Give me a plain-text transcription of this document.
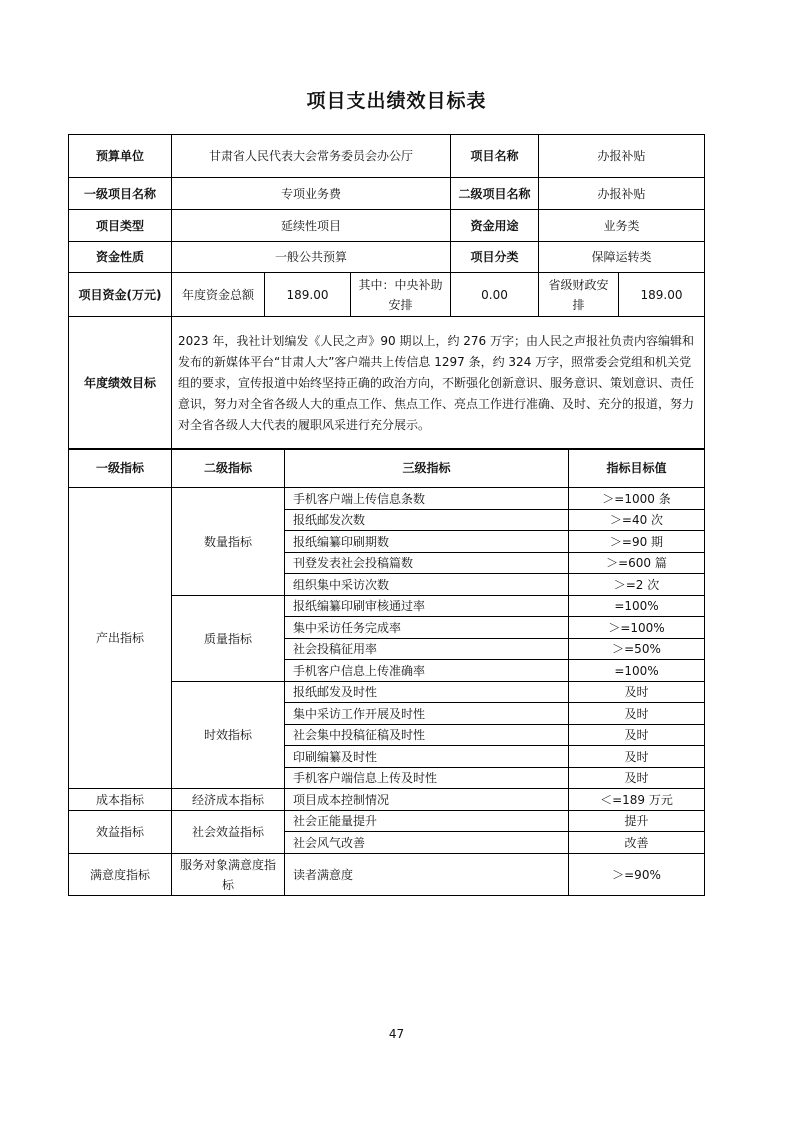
项目支出绩效目标表
预算单位	甘肃省人民代表大会常务委员会办公厅			项目名称	办报补贴	
一级项目名称	专项业务费			二级项目名称	办报补贴	
项目类型	延续性项目			资金用途	业务类	
资金性质	一般公共预算			项目分类	保障运转类	
项目资金(万元)	年度资金总额	189.00	其中：中央补助安排	0.00	省级财政安排	189.00
年度绩效目标	2023 年，我社计划编发《人民之声》90 期以上，约 276 万字；由人民之声报社负责内容编辑和发布的新媒体平台“甘肃人大”客户端共上传信息 1297 条，约 324 万字，照常委会党组和机关党组的要求，宣传报道中始终坚持正确的政治方向，不断强化创新意识、服务意识、策划意识、责任意识，努力对全省各级人大的重点工作、焦点工作、亮点工作进行准确、及时、充分的报道，努力对全省各级人大代表的履职风采进行充分展示。					
一级指标	二级指标	三级指标	指标目标值
产出指标	数量指标	手机客户端上传信息条数	＞=1000 条
		报纸邮发次数	＞=40 次
		报纸编纂印刷期数	＞=90 期
		刊登发表社会投稿篇数	＞=600 篇
		组织集中采访次数	＞=2 次
	质量指标	报纸编纂印刷审核通过率	=100%
		集中采访任务完成率	＞=100%
		社会投稿征用率	＞=50%
		手机客户信息上传准确率	=100%
	时效指标	报纸邮发及时性	及时
		集中采访工作开展及时性	及时
		社会集中投稿征稿及时性	及时
		印刷编纂及时性	及时
		手机客户端信息上传及时性	及时
成本指标	经济成本指标	项目成本控制情况	＜=189 万元
效益指标	社会效益指标	社会正能量提升	提升
		社会风气改善	改善
满意度指标	服务对象满意度指标	读者满意度	＞=90%
47
